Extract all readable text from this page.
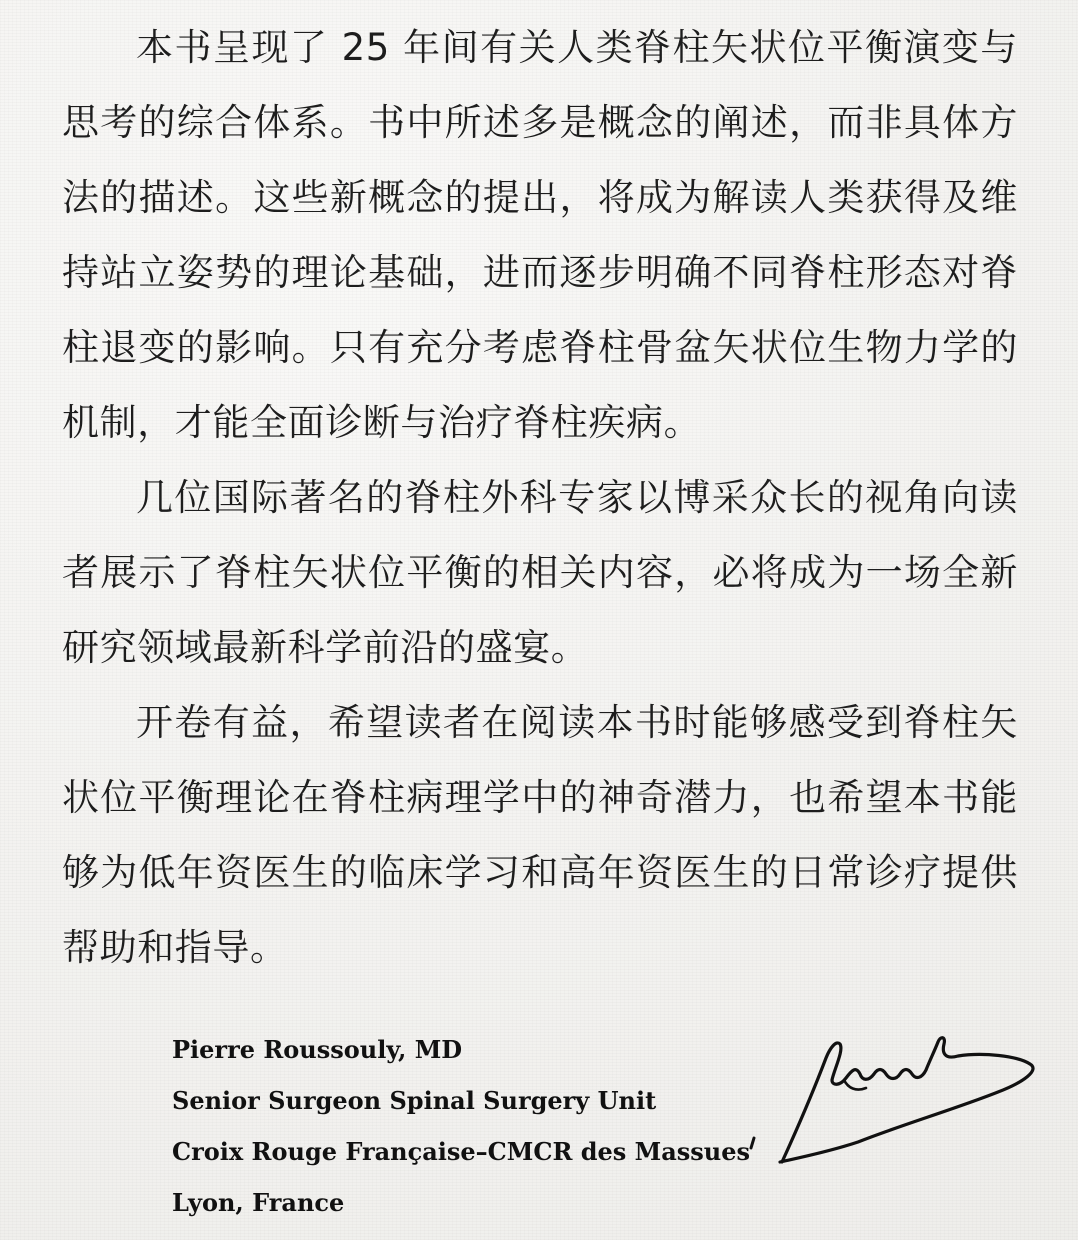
本书呈现了 25 年间有关人类脊柱矢状位平衡演变与思考的综合体系。书中所述多是概念的阐述，而非具体方法的描述。这些新概念的提出，将成为解读人类获得及维持站立姿势的理论基础，进而逐步明确不同脊柱形态对脊柱退变的影响。只有充分考虑脊柱骨盆矢状位生物力学的机制，才能全面诊断与治疗脊柱疾病。

几位国际著名的脊柱外科专家以博采众长的视角向读者展示了脊柱矢状位平衡的相关内容，必将成为一场全新研究领域最新科学前沿的盛宴。

开卷有益，希望读者在阅读本书时能够感受到脊柱矢状位平衡理论在脊柱病理学中的神奇潜力，也希望本书能够为低年资医生的临床学习和高年资医生的日常诊疗提供帮助和指导。

Pierre Roussouly, MD
Senior Surgeon Spinal Surgery Unit
Croix Rouge Française–CMCR des Massues
Lyon, France
